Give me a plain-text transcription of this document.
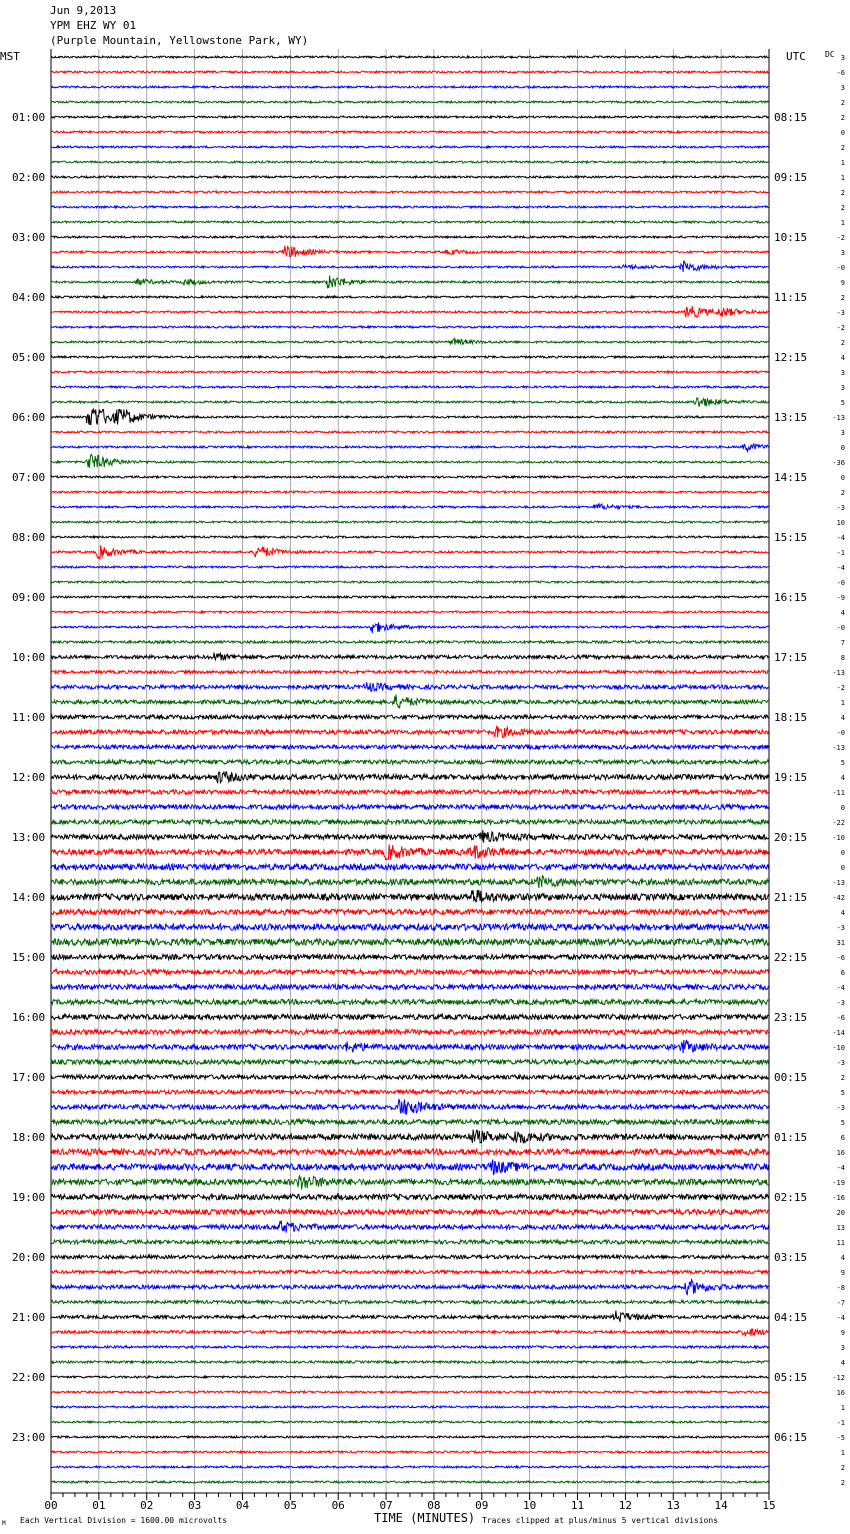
Jun 9,2013
YPM EHZ WY 01
(Purple Mountain, Yellowstone Park, WY)
MST	UTC DC
00	01	02	03	04	05	06	07	08	09	10	11	12	13	14	15
01:00
02:00
03:00
04:00
05:00
06:00
07:00
08:00
09:00
10:00
11:00
12:00
13:00
14:00
15:00
16:00
17:00
18:00
19:00
20:00
21:00
22:00
23:00
08:15
09:15
10:15
11:15
12:15
13:15
14:15
15:15
16:15
17:15
18:15
19:15
20:15
21:15
22:15
23:15
00:15
01:15
02:15
03:15
04:15
05:15
06:15
3
-6
3
2
2
0
2
1
1
2
2
1
-2
3
-0
9
2
-3
-2
2
4
3
3
5
-13
3
0
-36
0
2
-3
10
-4
-1
-4
-0
-9
4
-0
7
8
-13
-2
1
4
-0
-13
5
4
-11
0
-22
-10
0
0
-13
-42
4
-3
31
-6
6
-4
-3
-6
-14
-10
-3
2
5
-3
5
6
16
-4
-19
-16
20
13
11
4
9
-8
-7
-4
9
3
4
-12
16
1
-1
-5
1
2
2
TIME (MINUTES)
Each Vertical Division = 1600.00 microvolts	Traces clipped at plus/minus 5 vertical divisions
M
